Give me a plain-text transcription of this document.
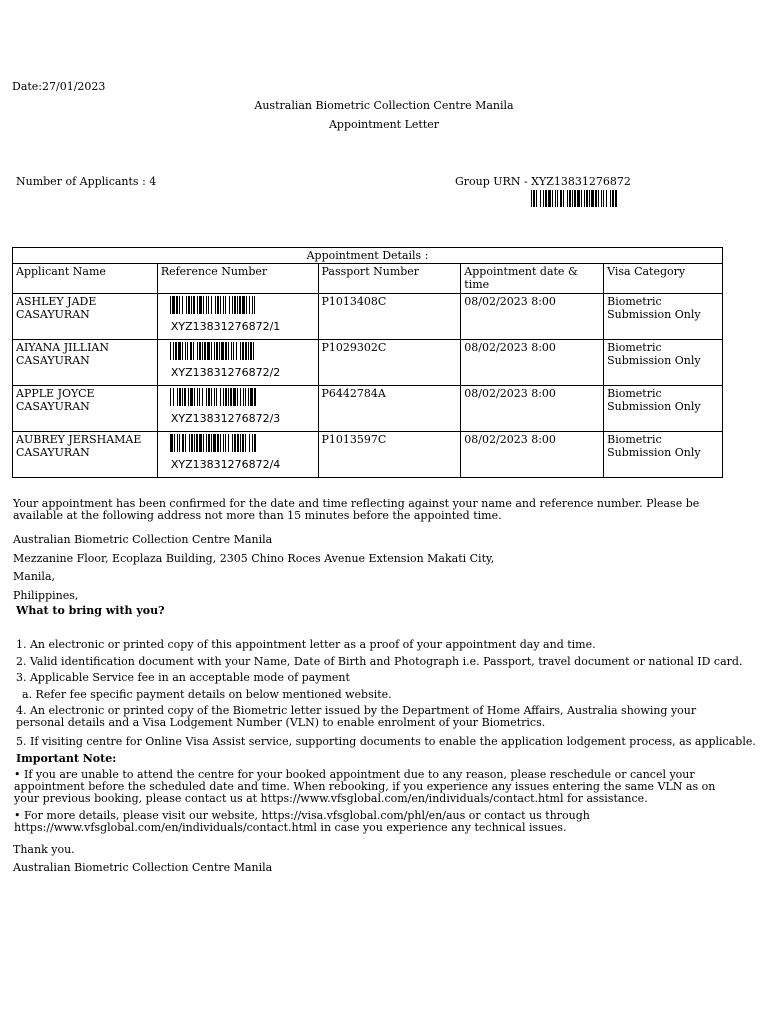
Date:27/01/2023
Australian Biometric Collection Centre Manila
Appointment Letter
Number of Applicants : 4	Group URN - XYZ13831276872
Appointment Details :				
Applicant Name	Reference Number	Passport Number	Appointment date & time	Visa Category
ASHLEY JADE CASAYURAN	XYZ13831276872/1	P1013408C	08/02/2023 8:00	Biometric Submission Only
AIYANA JILLIAN CASAYURAN	XYZ13831276872/2	P1029302C	08/02/2023 8:00	Biometric Submission Only
APPLE JOYCE CASAYURAN	XYZ13831276872/3	P6442784A	08/02/2023 8:00	Biometric Submission Only
AUBREY JERSHAMAE CASAYURAN	XYZ13831276872/4	P1013597C	08/02/2023 8:00	Biometric Submission Only
Your appointment has been confirmed for the date and time reflecting against your name and reference number. Please be available at the following address not more than 15 minutes before the appointed time.
Australian Biometric Collection Centre Manila
Mezzanine Floor, Ecoplaza Building, 2305 Chino Roces Avenue Extension Makati City,
Manila,
Philippines,
What to bring with you?
1. An electronic or printed copy of this appointment letter as a proof of your appointment day and time.
2. Valid identification document with your Name, Date of Birth and Photograph i.e. Passport, travel document or national ID card.
3. Applicable Service fee in an acceptable mode of payment
a. Refer fee specific payment details on below mentioned website.
4. An electronic or printed copy of the Biometric letter issued by the Department of Home Affairs, Australia showing your personal details and a Visa Lodgement Number (VLN) to enable enrolment of your Biometrics.
5. If visiting centre for Online Visa Assist service, supporting documents to enable the application lodgement process, as applicable.
Important Note:
• If you are unable to attend the centre for your booked appointment due to any reason, please reschedule or cancel your appointment before the scheduled date and time. When rebooking, if you experience any issues entering the same VLN as on your previous booking, please contact us at https://www.vfsglobal.com/en/individuals/contact.html for assistance.
• For more details, please visit our website, https://visa.vfsglobal.com/phl/en/aus or contact us through https://www.vfsglobal.com/en/individuals/contact.html in case you experience any technical issues.
Thank you.
Australian Biometric Collection Centre Manila
